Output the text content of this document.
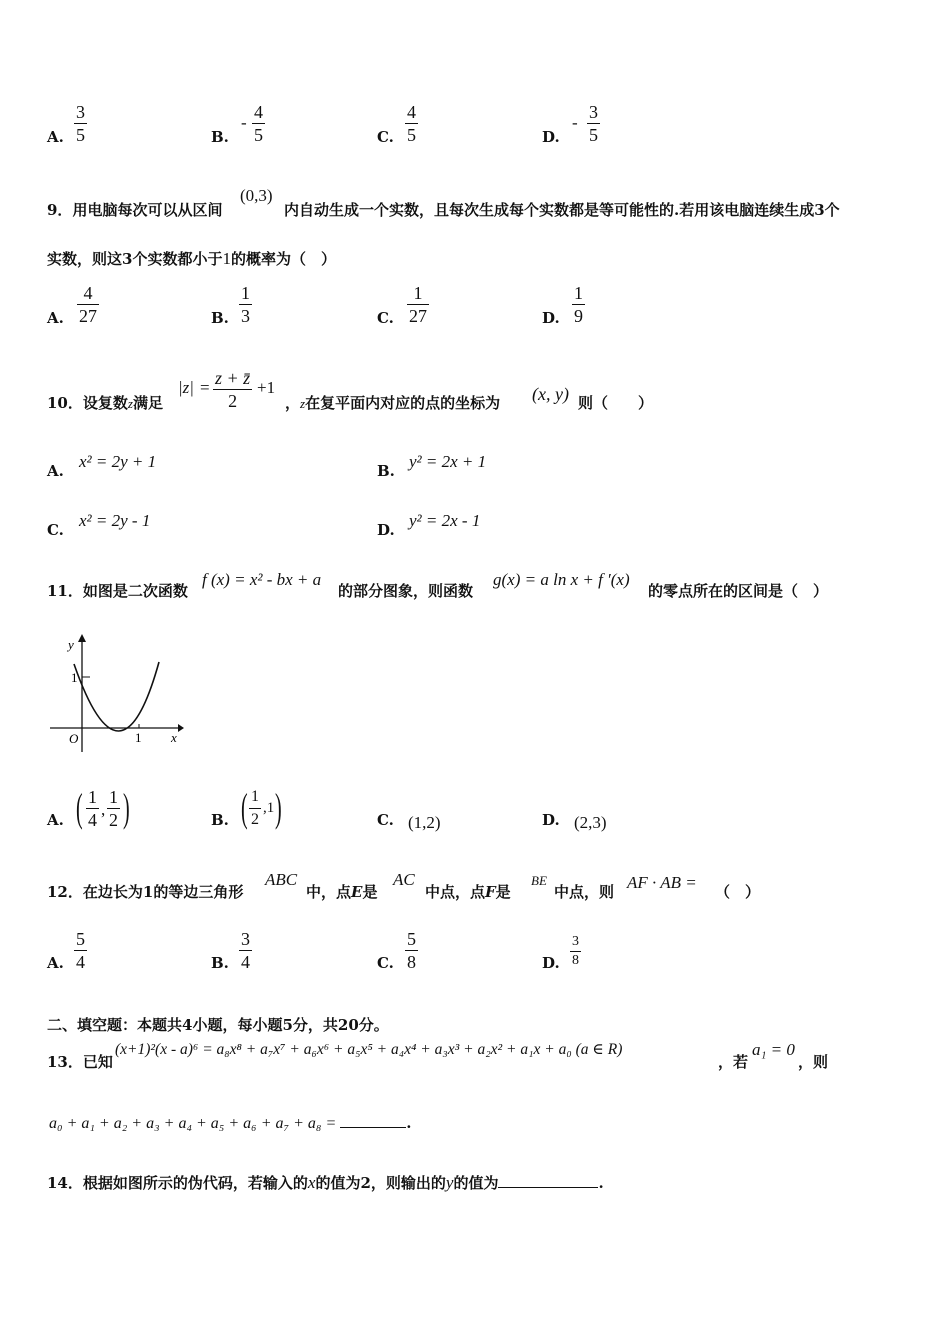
A.
3
5	B.
-
4
5	C.
4
5	D.
-
3
5
9．用电脑每次可以从区间
(0,3)
内自动生成一个实数，且每次生成每个实数都是等可能性的.若用该电脑连续生成3个
实数，则这3个实数都小于1的概率为（　）
A.
4
27	B.
1
3	C.
1
27	D.
1
9
10．设复数z满足
|z| = z + z̄
2
+1
，z在复平面内对应的点的坐标为 (x, y) 则（　　）
A. x² = 2y + 1	B. y² = 2x + 1
C. x² = 2y - 1	D. y² = 2x - 1
11．如图是二次函数
f (x) = x² - bx + a
的部分图象，则函数
g(x) = a ln x + f ′(x)
的零点所在的区间是（　）
y
x
O
1
1
A. ( 1
4
,
1
2 )	B. ( 1
2
,1 )	C. (1,2)	D. (2,3)
12．在边长为1的等边三角形
ABC
中，点E是
AC
中点，点F是
BE
中点，则 AF · AB = （　）
A.
5
4	B.
3
4	C.
5
8	D.
3
8
二、填空题：本题共4小题，每小题5分，共20分。
13．已知
(x+1)²(x - a)⁶ = a₈x⁸ + a₇x⁷ + a₆x⁶ + a₅x⁵ + a₄x⁴ + a₃x³ + a₂x² + a₁x + a₀ (a ∈ R)
，若
a₁ = 0
，则
a₀ + a₁ + a₂ + a₃ + a₄ + a₅ + a₆ + a₇ + a₈ =	.
14．根据如图所示的伪代码，若输入的x的值为2，则输出的y的值为	.
